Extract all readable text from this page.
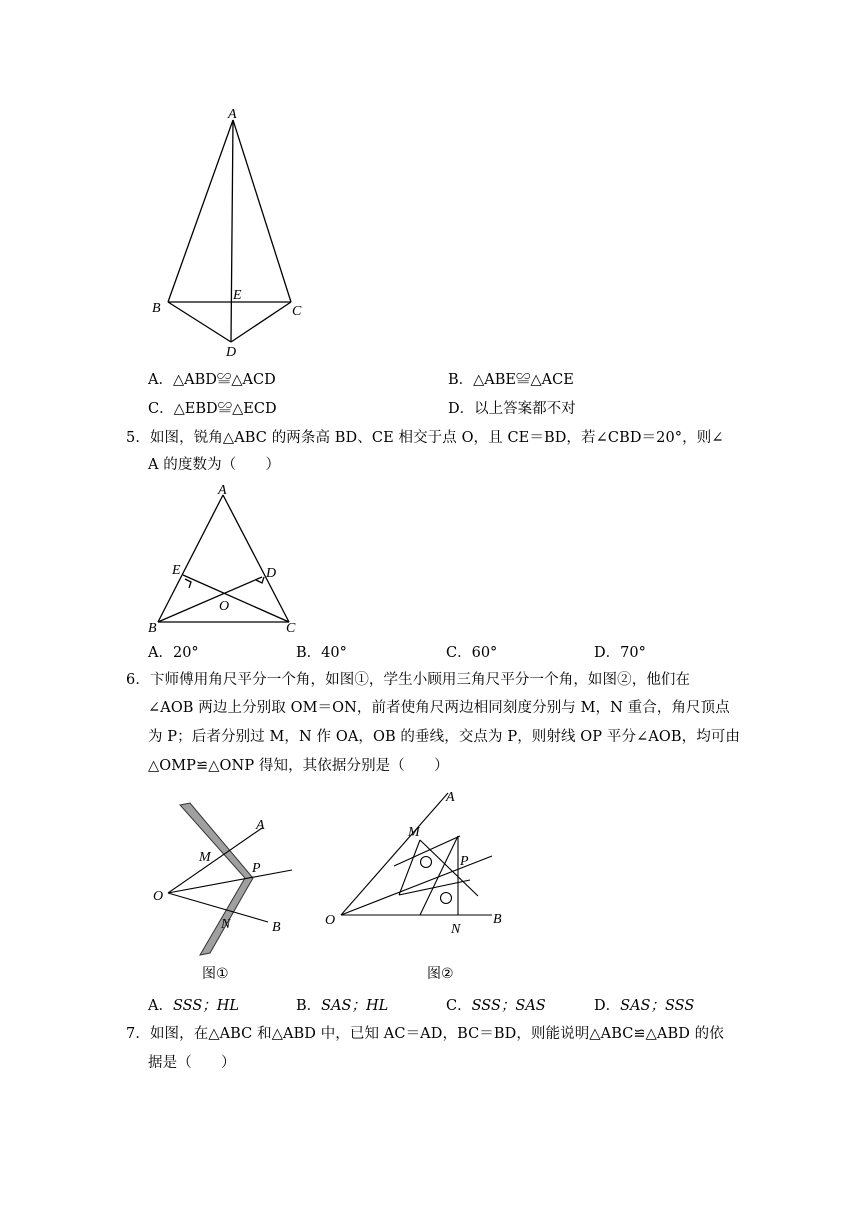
A
B	C
D
E
A．△ABD≌△ACD	B．△ABE≌△ACE
C．△EBD≌△ECD	D．以上答案都不对
5．如图，锐角△ABC 的两条高 BD、CE 相交于点 O，且 CE＝BD，若∠CBD＝20°，则∠
A 的度数为（　　）
A
B	C
D
E
O
A．20°	B．40°	C．60°	D．70°
6．卞师傅用角尺平分一个角，如图①，学生小顾用三角尺平分一个角，如图②，他们在
∠AOB 两边上分别取 OM＝ON，前者使角尺两边相同刻度分别与 M，N 重合，角尺顶点
为 P；后者分别过 M，N 作 OA，OB 的垂线，交点为 P，则射线 OP 平分∠AOB，均可由
△OMP≌△ONP 得知，其依据分别是（　　）
A
B
M
N
O
P
图①
A
B
M
N
O
P
图②
A．SSS；HL	B．SAS；HL	C．SSS；SAS	D．SAS；SSS
7．如图，在△ABC 和△ABD 中，已知 AC＝AD，BC＝BD，则能说明△ABC≌△ABD 的依
据是（　　）
